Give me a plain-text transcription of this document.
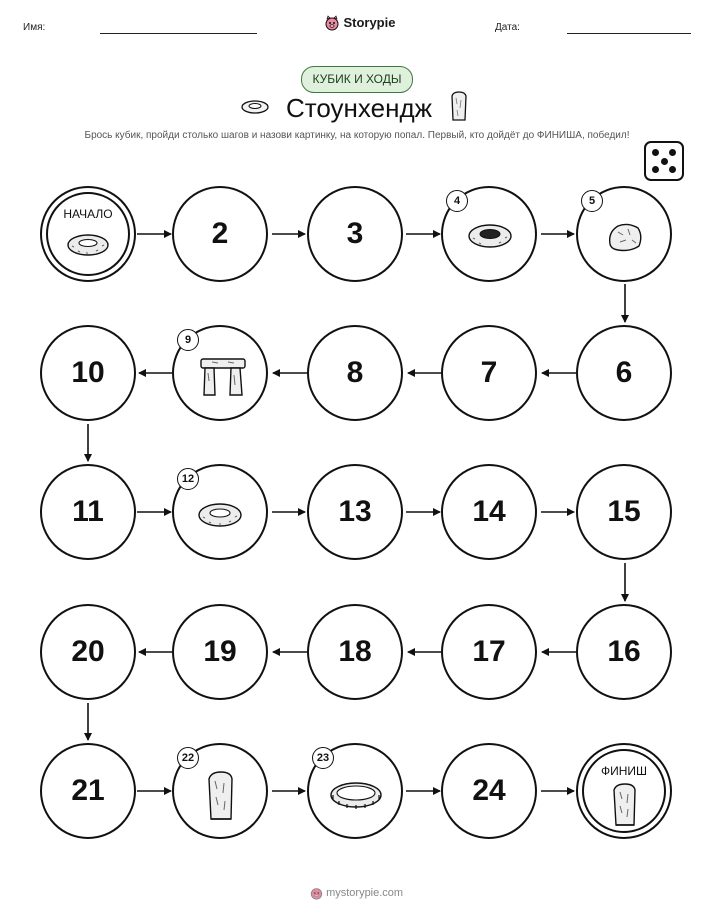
Имя:	Storypie	Дата:
КУБИК И ХОДЫ
Стоунхендж
Брось кубик, пройди столько шагов и назови картинку, на которую попал. Первый, кто дойдёт до ФИНИША, победил!
НАЧАЛО
2	3
4	5
10
9
8	7	6
11
12
13	14	15
20	19	18	17	16
21
22	23
24
ФИНИШ
mystorypie.com
